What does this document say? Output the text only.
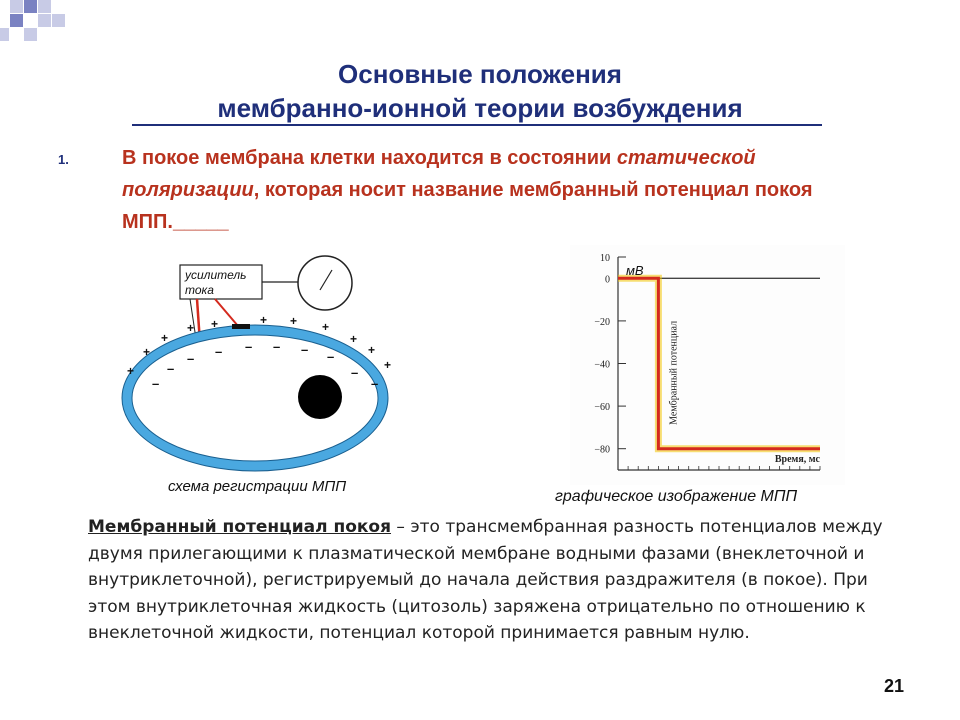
Основные положения
мембранно-ионной теории возбуждения
1.	В покое мембрана клетки находится в состоянии статической поляризации, которая носит название мембранный потенциал покоя МПП._____
усилитель
тока
+
+
+
+ +	+ + +
+
+
+
–
–
– – – – – –
–
–
схема регистрации МПП
10
0
−20
−40
−60
−80
мВ
Мембранный потенциал
Время, мс
графическое изображение МПП
Мембранный потенциал покоя – это трансмембранная разность потенциалов между двумя прилегающими к плазматической мембране водными фазами (внеклеточной и внутриклеточной), регистрируемый до начала действия раздражителя (в покое). При этом внутриклеточная жидкость (цитозоль) заряжена отрицательно по отношению к внеклеточной жидкости, потенциал которой принимается равным нулю.
21
